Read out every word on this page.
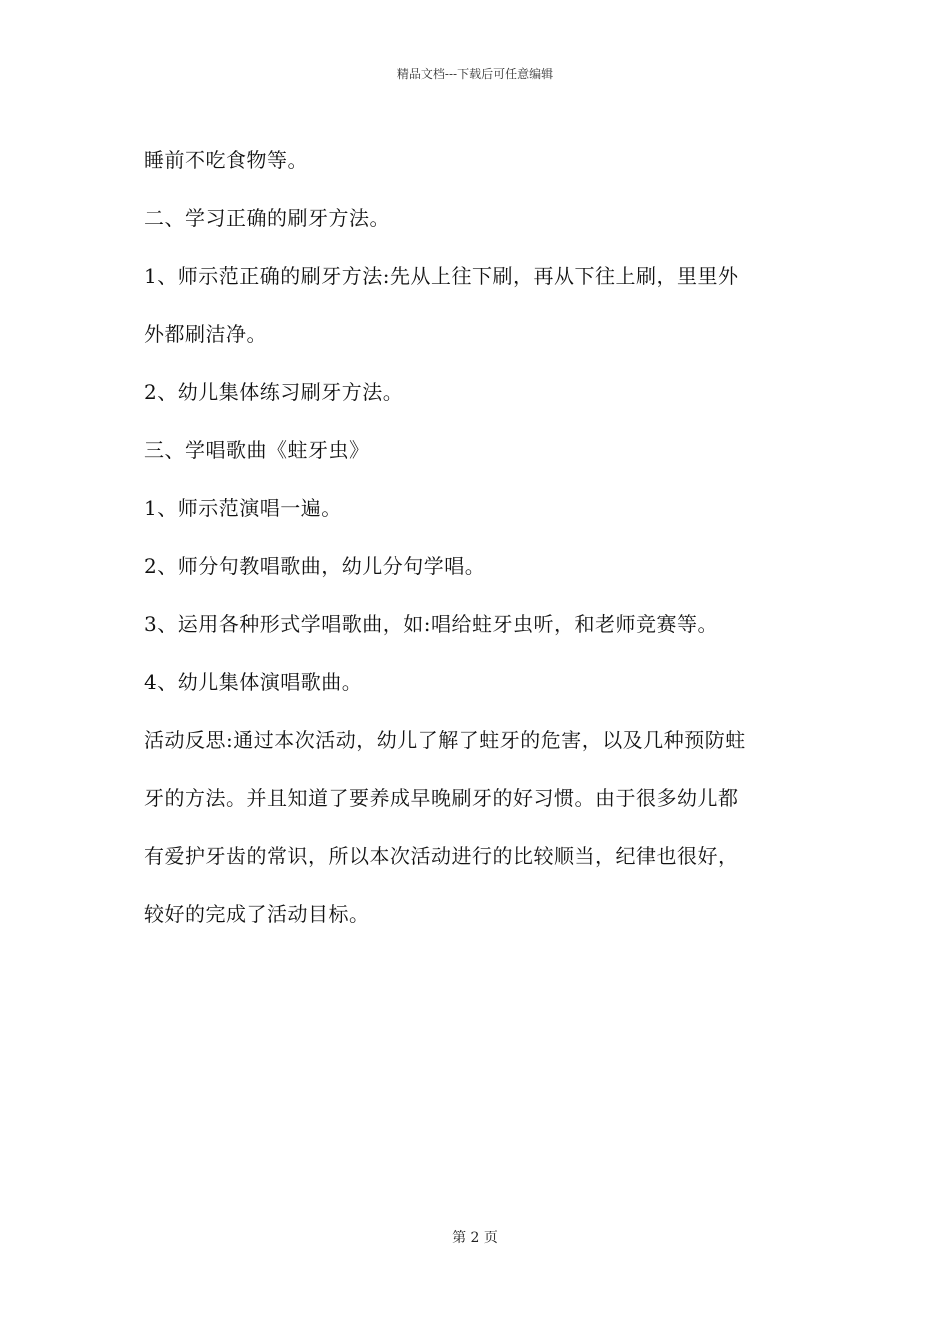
精品文档---下载后可任意编辑
睡前不吃食物等。
二、学习正确的刷牙方法。
1、师示范正确的刷牙方法:先从上往下刷，再从下往上刷，里里外
外都刷洁净。
2、幼儿集体练习刷牙方法。
三、学唱歌曲《蛀牙虫》
1、师示范演唱一遍。
2、师分句教唱歌曲，幼儿分句学唱。
3、运用各种形式学唱歌曲，如:唱给蛀牙虫听，和老师竞赛等。
4、幼儿集体演唱歌曲。
活动反思:通过本次活动，幼儿了解了蛀牙的危害，以及几种预防蛀
牙的方法。并且知道了要养成早晚刷牙的好习惯。由于很多幼儿都
有爱护牙齿的常识，所以本次活动进行的比较顺当，纪律也很好，
较好的完成了活动目标。
第 2 页
